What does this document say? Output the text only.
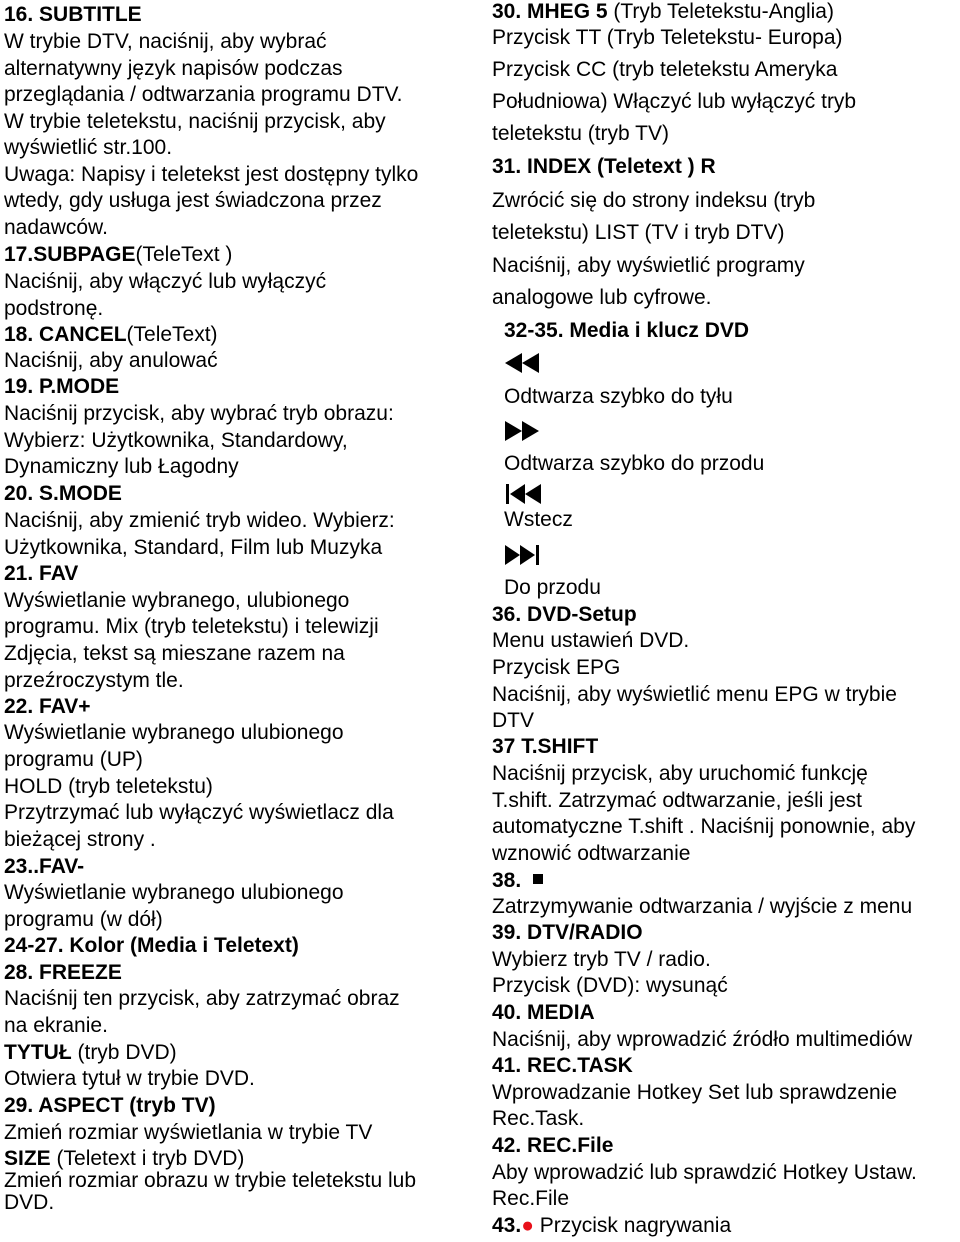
16. SUBTITLE
W trybie DTV, naciśnij, aby wybrać
alternatywny język napisów podczas
przeglądania / odtwarzania programu DTV.
W trybie teletekstu, naciśnij przycisk, aby
wyświetlić str.100.
Uwaga: Napisy i teletekst jest dostępny tylko
wtedy, gdy usługa jest świadczona przez
nadawców.
17.SUBPAGE(TeleText )
Naciśnij, aby włączyć lub wyłączyć
podstronę.
18. CANCEL(TeleText)
Naciśnij, aby anulować
19. P.MODE
Naciśnij przycisk, aby wybrać tryb obrazu:
Wybierz: Użytkownika, Standardowy,
Dynamiczny lub Łagodny
20. S.MODE
Naciśnij, aby zmienić tryb wideo. Wybierz:
Użytkownika, Standard, Film lub Muzyka
21. FAV
Wyświetlanie wybranego, ulubionego
programu. Mix (tryb teletekstu) i telewizji
Zdjęcia, tekst są mieszane razem na
przeźroczystym tle.
22. FAV+
Wyświetlanie wybranego ulubionego
programu (UP)
HOLD (tryb teletekstu)
Przytrzymać lub wyłączyć wyświetlacz dla
bieżącej strony .
23..FAV-
Wyświetlanie wybranego ulubionego
programu (w dół)
24-27. Kolor (Media i Teletext)
28. FREEZE
Naciśnij ten przycisk, aby zatrzymać obraz
na ekranie.
TYTUŁ (tryb DVD)
Otwiera tytuł w trybie DVD.
29. ASPECT (tryb TV)
Zmień rozmiar wyświetlania w trybie TV
SIZE (Teletext i tryb DVD)
Zmień rozmiar obrazu w trybie teletekstu lub
DVD.
30. MHEG 5 (Tryb Teletekstu-Anglia)
Przycisk TT (Tryb Teletekstu- Europa)
Przycisk CC (tryb teletekstu Ameryka
Południowa) Włączyć lub wyłączyć tryb
teletekstu (tryb TV)
31. INDEX (Teletext ) R
Zwrócić się do strony indeksu (tryb
teletekstu) LIST (TV i tryb DTV)
Naciśnij, aby wyświetlić programy
analogowe lub cyfrowe.
32-35. Media i klucz DVD
Odtwarza szybko do tyłu
Odtwarza szybko do przodu
Wstecz
Do przodu
36. DVD-Setup
Menu ustawień DVD.
Przycisk EPG
Naciśnij, aby wyświetlić menu EPG w trybie
DTV
37 T.SHIFT
Naciśnij przycisk, aby uruchomić funkcję
T.shift. Zatrzymać odtwarzanie, jeśli jest
automatyczne T.shift . Naciśnij ponownie, aby
wznowić odtwarzanie
38.
Zatrzymywanie odtwarzania / wyjście z menu
39. DTV/RADIO
Wybierz tryb TV / radio.
Przycisk (DVD): wysunąć
40. MEDIA
Naciśnij, aby wprowadzić źródło multimediów
41. REC.TASK
Wprowadzanie Hotkey Set lub sprawdzenie
Rec.Task.
42. REC.File
Aby wprowadzić lub sprawdzić Hotkey Ustaw.
Rec.File
43.● Przycisk nagrywania
